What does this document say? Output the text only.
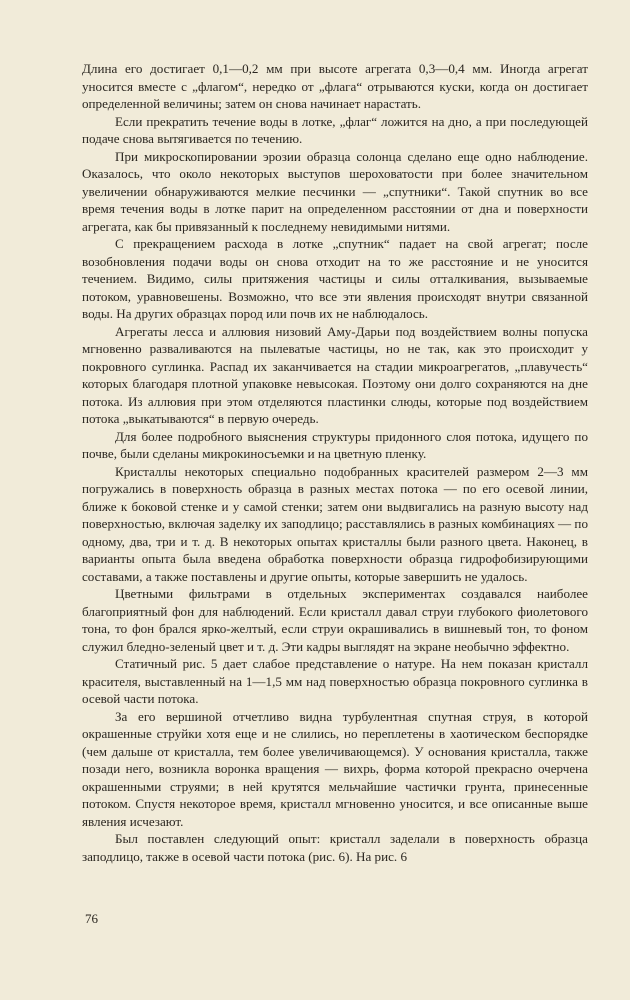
Длина его достигает 0,1—0,2 мм при высоте агрегата 0,3—0,4 мм. Иногда агрегат уносится вместе с „флагом“, нередко от „флага“ отрываются куски, когда он достигает определенной величины; затем он снова начинает нарастать.

Если прекратить течение воды в лотке, „флаг“ ложится на дно, а при последующей подаче снова вытягивается по течению.

При микроскопировании эрозии образца солонца сделано еще одно наблюдение. Оказалось, что около некоторых выступов шероховатости при более значительном увеличении обнаруживаются мелкие песчинки — „спутники“. Такой спутник во все время течения воды в лотке парит на определенном расстоянии от дна и поверхности агрегата, как бы привязанный к последнему невидимыми нитями.

С прекращением расхода в лотке „спутник“ падает на свой агрегат; после возобновления подачи воды он снова отходит на то же расстояние и не уносится течением. Видимо, силы притяжения частицы и силы отталкивания, вызываемые потоком, уравновешены. Возможно, что все эти явления происходят внутри связанной воды. На других образцах пород или почв их не наблюдалось.

Агрегаты лесса и аллювия низовий Аму-Дарьи под воздействием волны попуска мгновенно разваливаются на пылеватые частицы, но не так, как это происходит у покровного суглинка. Распад их заканчивается на стадии микроагрегатов, „плавучесть“ которых благодаря плотной упаковке невысокая. Поэтому они долго сохраняются на дне потока. Из аллювия при этом отделяются пластинки слюды, которые под воздействием потока „выкатываются“ в первую очередь.

Для более подробного выяснения структуры придонного слоя потока, идущего по почве, были сделаны микрокиносъемки и на цветную пленку.

Кристаллы некоторых специально подобранных красителей размером 2—3 мм погружались в поверхность образца в разных местах потока — по его осевой линии, ближе к боковой стенке и у самой стенки; затем они выдвигались на разную высоту над поверхностью, включая заделку их заподлицо; расставлялись в разных комбинациях — по одному, два, три и т. д. В некоторых опытах кристаллы были разного цвета. Наконец, в варианты опыта была введена обработка поверхности образца гидрофобизирующими составами, а также поставлены и другие опыты, которые завершить не удалось.

Цветными фильтрами в отдельных экспериментах создавался наиболее благоприятный фон для наблюдений. Если кристалл давал струи глубокого фиолетового тона, то фон брался ярко-желтый, если струи окрашивались в вишневый тон, то фоном служил бледно-зеленый цвет и т. д. Эти кадры выглядят на экране необычно эффектно.

Статичный рис. 5 дает слабое представление о натуре. На нем показан кристалл красителя, выставленный на 1—1,5 мм над поверхностью образца покровного суглинка в осевой части потока.

За его вершиной отчетливо видна турбулентная спутная струя, в которой окрашенные струйки хотя еще и не слились, но переплетены в хаотическом беспорядке (чем дальше от кристалла, тем более увеличивающемся). У основания кристалла, также позади него, возникла воронка вращения — вихрь, форма которой прекрасно очерчена окрашенными струями; в ней крутятся мельчайшие частички грунта, принесенные потоком. Спустя некоторое время, кристалл мгновенно уносится, и все описанные выше явления исчезают.

Был поставлен следующий опыт: кристалл заделали в поверхность образца заподлицо, также в осевой части потока (рис. 6). На рис. 6

76
